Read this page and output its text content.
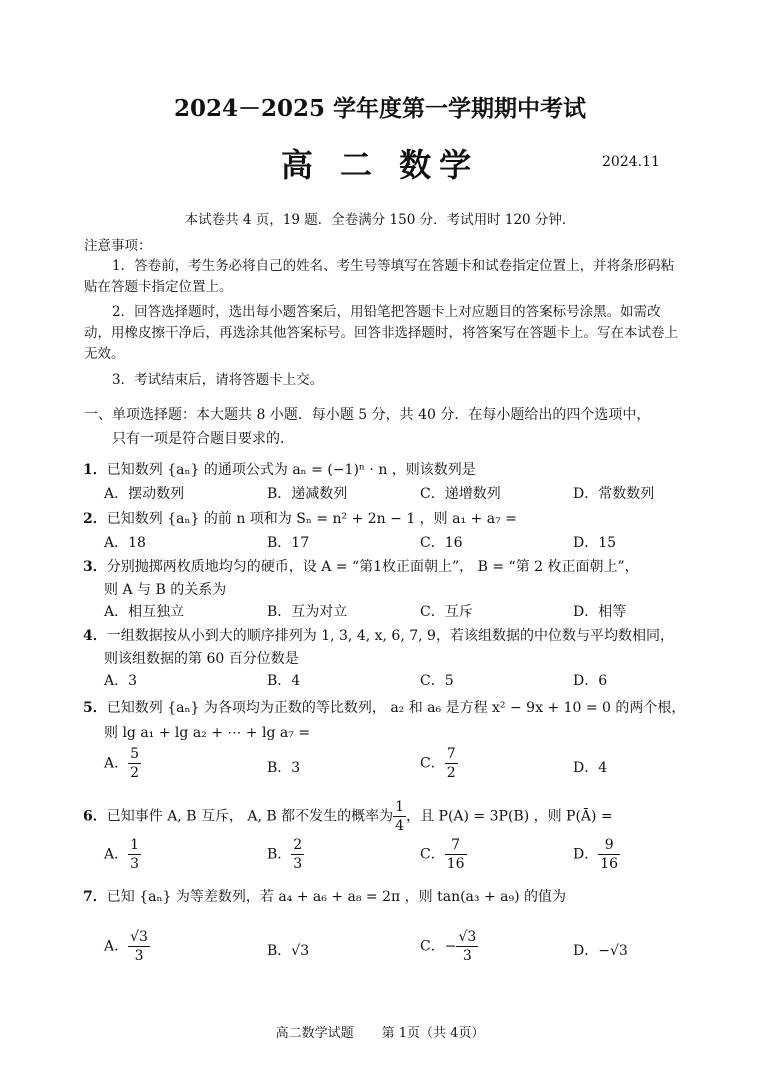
2024－2025 学年度第一学期期中考试
高 二 数学	2024.11
本试卷共 4 页，19 题．全卷满分 150 分．考试用时 120 分钟．
注意事项：
1．答卷前，考生务必将自己的姓名、考生号等填写在答题卡和试卷指定位置上，并将条形码粘贴在答题卡指定位置上。
2．回答选择题时，选出每小题答案后，用铅笔把答题卡上对应题目的答案标号涂黑。如需改动，用橡皮擦干净后，再选涂其他答案标号。回答非选择题时，将答案写在答题卡上。写在本试卷上无效。
3．考试结束后，请将答题卡上交。
一、单项选择题：本大题共 8 小题．每小题 5 分，共 40 分．在每小题给出的四个选项中，
只有一项是符合题目要求的．
1．已知数列 {aₙ} 的通项公式为 aₙ = (−1)ⁿ · n ，则该数列是
A．摆动数列	B．递减数列	C．递增数列	D．常数数列
2．已知数列 {aₙ} 的前 n 项和为 Sₙ = n² + 2n − 1 ，则 a₁ + a₇ =
A．18	B．17	C．16	D．15
3．分别抛掷两枚质地均匀的硬币，设 A = “第1枚正面朝上”， B = “第 2 枚正面朝上”，
则 A 与 B 的关系为
A．相互独立	B．互为对立	C．互斥	D．相等
4．一组数据按从小到大的顺序排列为 1, 3, 4, x, 6, 7, 9，若该组数据的中位数与平均数相同，
则该组数据的第 60 百分位数是
A．3	B．4	C．5	D．6
5．已知数列 {aₙ} 为各项均为正数的等比数列， a₂ 和 a₆ 是方程 x² − 9x + 10 = 0 的两个根，
则 lg a₁ + lg a₂ + ⋯ + lg a₇ =
A． $\frac{5}{2}$	B．3	C． $\frac{7}{2}$	D．4
6．已知事件 A, B 互斥， A, B 都不发生的概率为 $\frac{1}{4}$ ，且 P(A) = 3P(B) ，则 P(Ā) =
A． $\frac{1}{3}$	B． $\frac{2}{3}$	C． $\frac{7}{16}$	D． $\frac{9}{16}$
7．已知 {aₙ} 为等差数列，若 a₄ + a₆ + a₈ = 2π ，则 tan(a₃ + a₉) 的值为
A． $\frac{√3}{3}$	B．√3	C．− $\frac{√3}{3}$	D．−√3
高二数学试题 第 1页（共 4页）
